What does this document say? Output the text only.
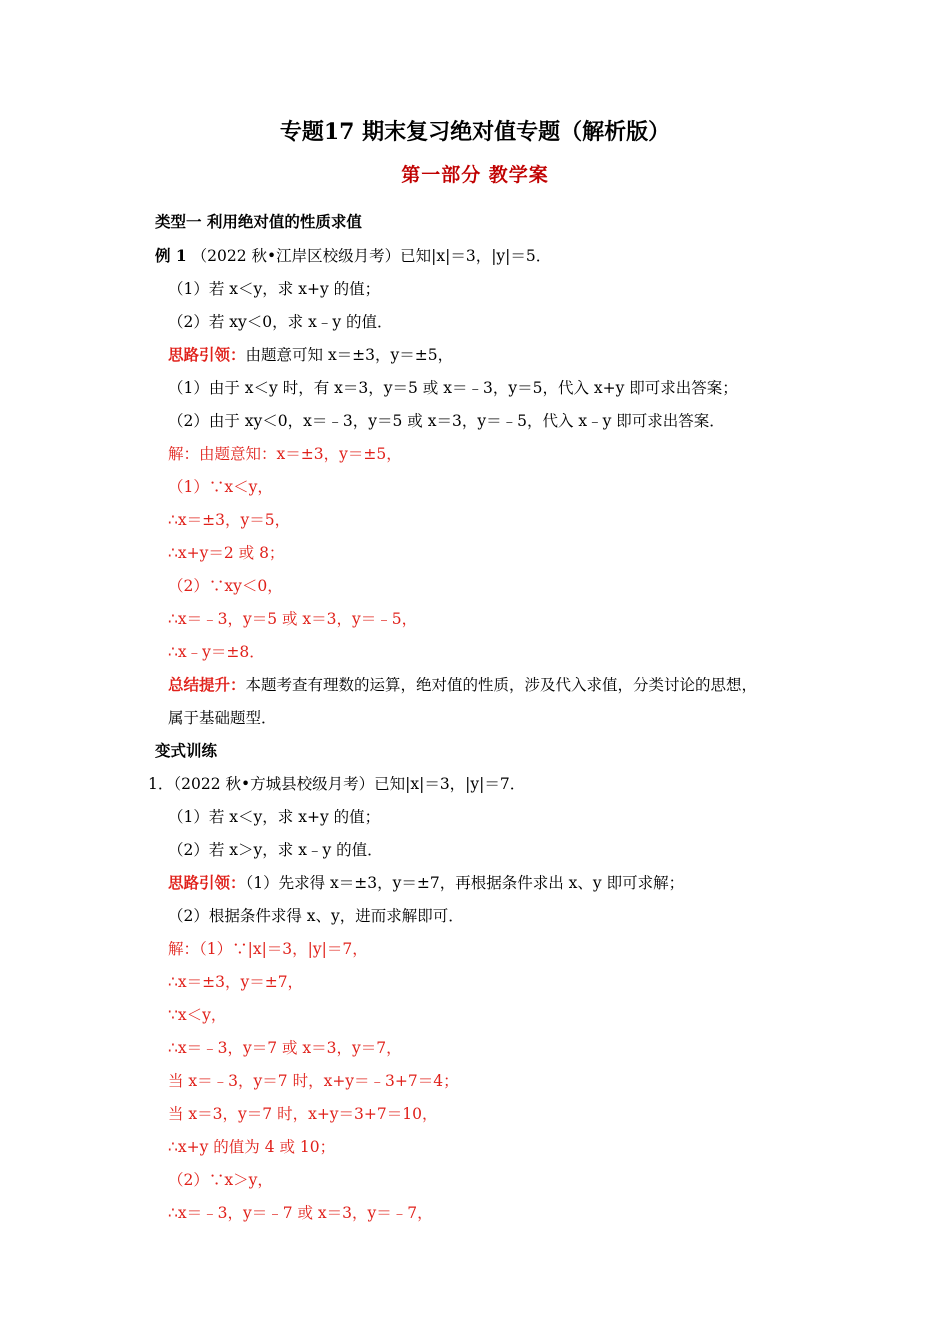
专题17 期末复习绝对值专题（解析版）
第一部分 教学案
类型一 利用绝对值的性质求值
例 1 （2022 秋•江岸区校级月考）已知|x|＝3，|y|＝5．
（1）若 x＜y，求 x+y 的值；
（2）若 xy＜0，求 x﹣y 的值．
思路引领：由题意可知 x＝±3，y＝±5，
（1）由于 x＜y 时，有 x＝3，y＝5 或 x＝﹣3，y＝5，代入 x+y 即可求出答案；
（2）由于 xy＜0，x＝﹣3，y＝5 或 x＝3，y＝﹣5，代入 x﹣y 即可求出答案．
解：由题意知：x＝±3，y＝±5，
（1）∵x＜y，
∴x＝±3，y＝5，
∴x+y＝2 或 8；
（2）∵xy＜0，
∴x＝﹣3，y＝5 或 x＝3，y＝﹣5，
∴x﹣y＝±8．
总结提升：本题考查有理数的运算，绝对值的性质，涉及代入求值，分类讨论的思想，
属于基础题型．
变式训练
1．（2022 秋•方城县校级月考）已知|x|＝3，|y|＝7．
（1）若 x＜y，求 x+y 的值；
（2）若 x＞y，求 x﹣y 的值．
思路引领：（1）先求得 x＝±3，y＝±7，再根据条件求出 x、y 即可求解；
（2）根据条件求得 x、y，进而求解即可．
解：（1）∵|x|＝3，|y|＝7，
∴x＝±3，y＝±7，
∵x＜y，
∴x＝﹣3，y＝7 或 x＝3，y＝7，
当 x＝﹣3，y＝7 时，x+y＝﹣3+7＝4；
当 x＝3，y＝7 时，x+y＝3+7＝10，
∴x+y 的值为 4 或 10；
（2）∵x＞y，
∴x＝﹣3，y＝﹣7 或 x＝3，y＝﹣7，
